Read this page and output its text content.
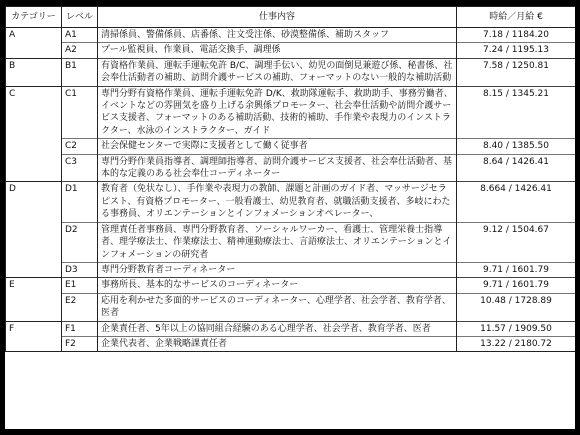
カテゴリー	レベル	仕事内容	時給／月給 €
A	A1	清掃係員、警備係員、店番係、注文受注係、砂漠整備係、補助スタッフ	7.18 / 1184.20
	A2	プール監視員、作業員、電話交換手、調理係	7.24 / 1195.13
B	B1	有資格作業員、運転手運転免許 B/C、調理手伝い、幼児の面倒見兼遊び係、秘書係、社会奉仕活動者の補助、訪問介護サービスの補助、フォーマットのない一般的な補助活動	7.58 / 1250.81
C	C1	専門分野有資格作業員、運転手運転免許 D/K、救助隊運転手、救助助手、事務労働者、イベントなどの雰囲気を盛り上げる余興係プロモーター、社会奉仕活動や訪問介護サービス支援者、フォーマットのある補助活動、技術的補助、手作業や表現力のインストラクター、水泳のインストラクター、ガイド	8.15 / 1345.21
	C2	社会保健センターで実際に支援者として働く従事者	8.40 / 1385.50
	C3	専門分野作業員指導者、調理師指導者、訪問介護サービス支援者、社会奉仕活動者、基本的な定義のある社会奉仕コーディネーター	8.64 / 1426.41
D	D1	教育者（免状なし）、手作業や表現力の教師、課題と計画のガイド者、マッサージセラピスト、有資格プロモーター、一般看護士、幼児教育者、就職活動支援者、多岐にわたる事務員、オリエンテーションとインフォメーションオペレーター、	8.664 / 1426.41
	D2	管理責任者事務員、専門分野教育者、ソーシャルワーカー、看護士、管理栄養士指導者、理学療法士、作業療法士、精神運動療法士、言語療法士、オリエンテーションとインフォメーションの研究者	9.12 / 1504.67
	D3	専門分野教育者コーディネーター	9.71 / 1601.79
E	E1	事務所長、基本的なサービスのコーディネーター	9.71 / 1601.79
	E2	応用を利かせた多面的サービスのコーディネーター、心理学者、社会学者、教育学者、医者	10.48 / 1728.89
F	F1	企業責任者、5年以上の協同組合経験のある心理学者、社会学者、教育学者、医者	11.57 / 1909.50
	F2	企業代表者、企業戦略課責任者	13.22 / 2180.72
